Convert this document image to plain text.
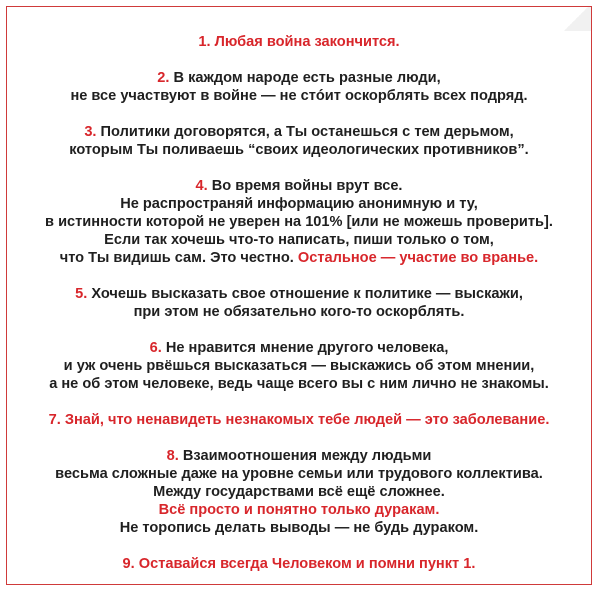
1. Любая война закончится.
2. В каждом народе есть разные люди,
не все участвуют в войне — не стóит оскорблять всех подряд.
3. Политики договорятся, а Ты останешься с тем дерьмом,
которым Ты поливаешь “своих идеологических противников”.
4. Во время войны врут все.
Не распространяй информацию анонимную и ту,
в истинности которой не уверен на 101% [или не можешь проверить].
Если так хочешь что-то написать, пиши только о том,
что Ты видишь сам. Это честно. Остальное — участие во вранье.
5. Хочешь высказать свое отношение к политике — выскажи,
при этом не обязательно кого-то оскорблять.
6. Не нравится мнение другого человека,
и уж очень рвёшься высказаться — выскажись об этом мнении,
а не об этом человеке, ведь чаще всего вы с ним лично не знакомы.
7. Знай, что ненавидеть незнакомых тебе людей — это заболевание.
8. Взаимоотношения между людьми
весьма сложные даже на уровне семьи или трудового коллектива.
Между государствами всё ещё сложнее.
Всё просто и понятно только дуракам.
Не торопись делать выводы — не будь дураком.
9. Оставайся всегда Человеком и помни пункт 1.
